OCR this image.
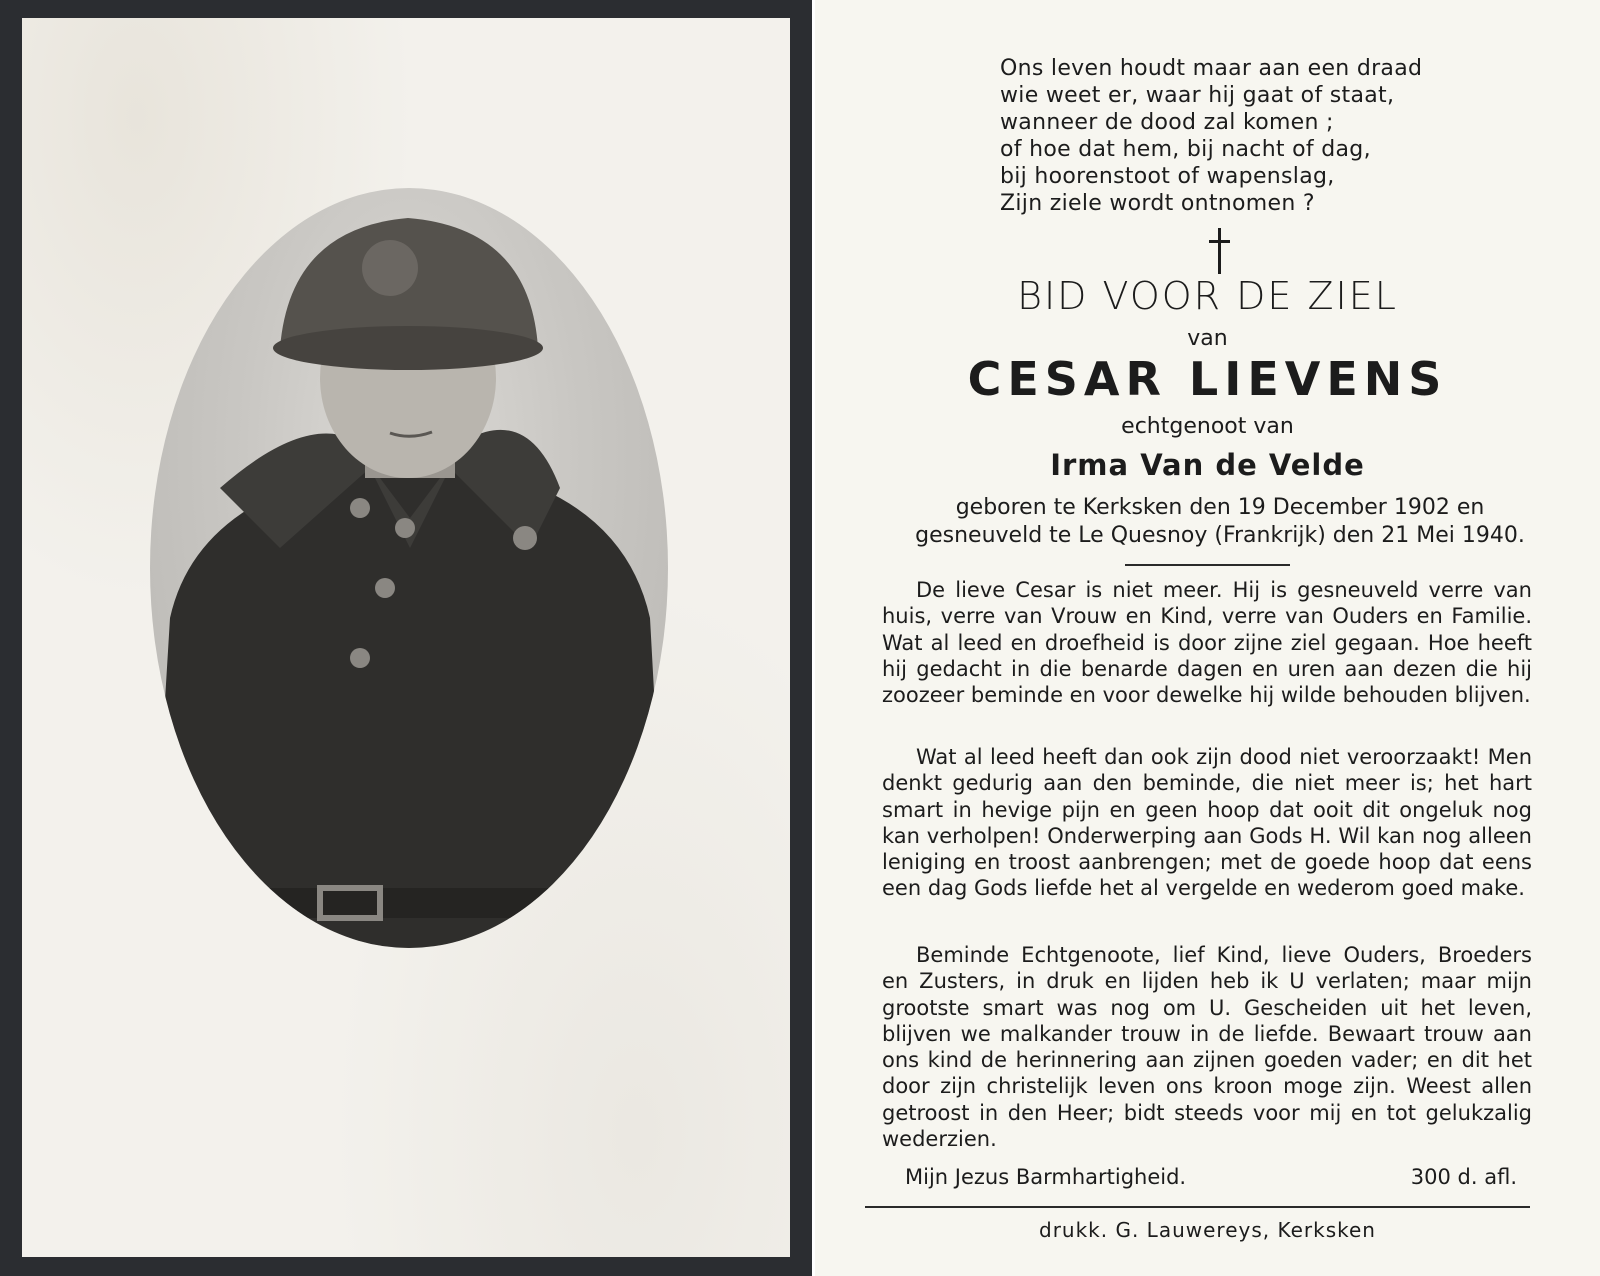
Ons leven houdt maar aan een draad
wie weet er, waar hij gaat of staat,
wanneer de dood zal komen ;
of hoe dat hem, bij nacht of dag,
bij hoorenstoot of wapenslag,
Zijn ziele wordt ontnomen ?
BID VOOR DE ZIEL
van
CESAR LIEVENS
echtgenoot van
Irma Van de Velde
geboren te Kerksken den 19 December 1902 en
gesneuveld te Le Quesnoy (Frankrijk) den 21 Mei 1940.
De lieve Cesar is niet meer. Hij is gesneuveld verre van huis, verre van Vrouw en Kind, verre van Ouders en Familie. Wat al leed en droefheid is door zijne ziel gegaan. Hoe heeft hij gedacht in die benarde dagen en uren aan dezen die hij zoozeer beminde en voor dewelke hij wilde behouden blijven.
Wat al leed heeft dan ook zijn dood niet veroorzaakt! Men denkt gedurig aan den beminde, die niet meer is; het hart smart in hevige pijn en geen hoop dat ooit dit ongeluk nog kan verholpen! Onderwerping aan Gods H. Wil kan nog alleen leniging en troost aanbrengen; met de goede hoop dat eens een dag Gods liefde het al vergelde en wederom goed make.
Beminde Echtgenoote, lief Kind, lieve Ouders, Broeders en Zusters, in druk en lijden heb ik U verlaten; maar mijn grootste smart was nog om U. Gescheiden uit het leven, blijven we malkander trouw in de liefde. Bewaart trouw aan ons kind de herinnering aan zijnen goeden vader; en dit het door zijn christelijk leven ons kroon moge zijn. Weest allen getroost in den Heer; bidt steeds voor mij en tot gelukzalig wederzien.
Mijn Jezus Barmhartigheid.	300 d. afl.
drukk. G. Lauwereys, Kerksken
